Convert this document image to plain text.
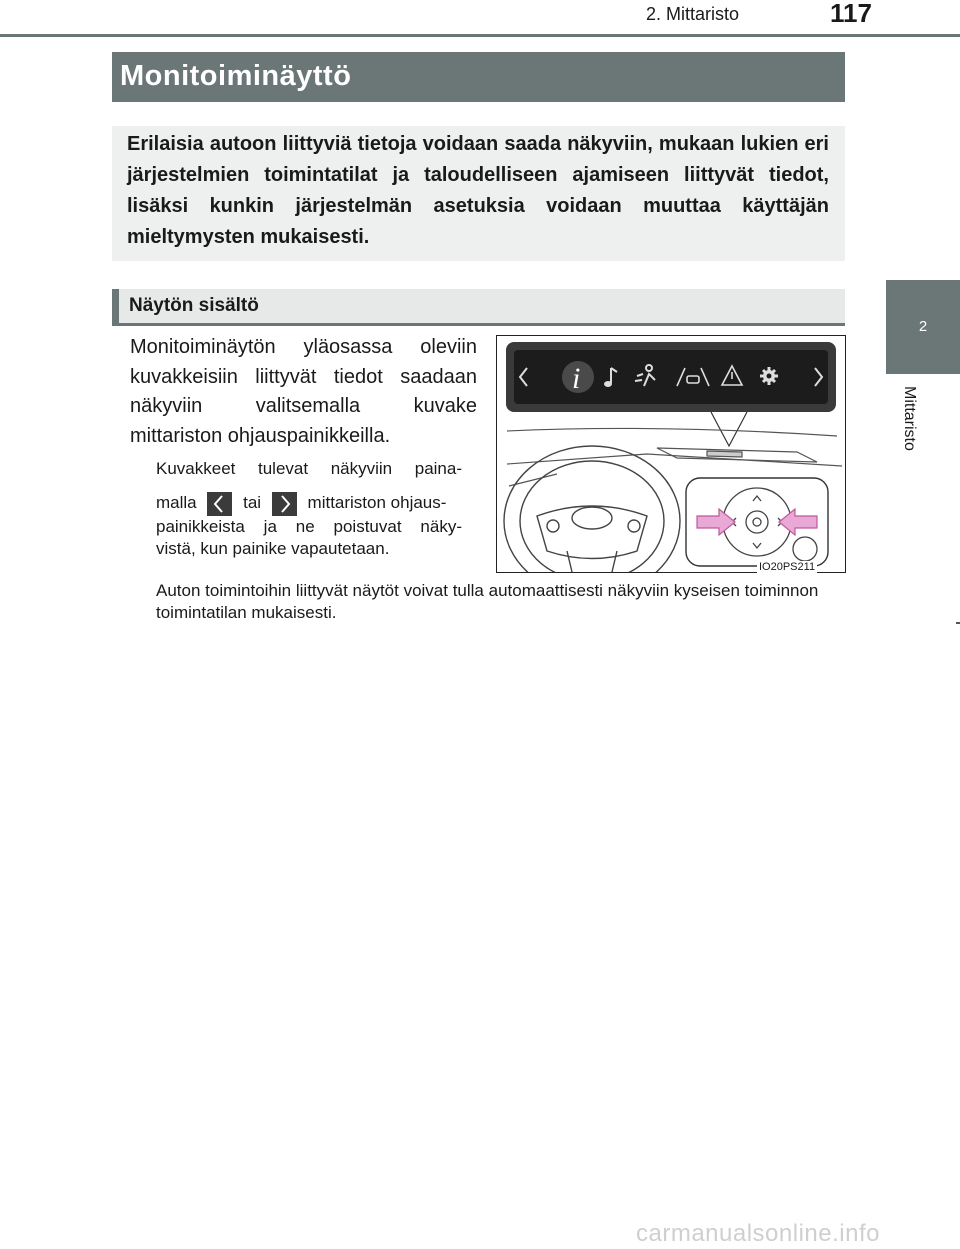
2. Mittaristo	117
2
Mittaristo
Monitoiminäyttö

Erilaisia autoon liittyviä tietoja voidaan saada näkyviin, mukaan lukien eri järjestelmien toimintatilat ja taloudelliseen ajamiseen liittyvät tiedot, lisäksi kunkin järjestelmän asetuksia voidaan muuttaa käyttäjän mieltymysten mukaisesti.

Näytön sisältö

Monitoiminäytön yläosassa oleviin kuvakkeisiin liittyvät tiedot saadaan näkyviin valitsemalla kuvake mittariston ohjauspainikkeilla.

Kuvakkeet tulevat näkyviin paina-
malla	tai	mittariston ohjaus-
painikkeista ja ne poistuvat näky-
vistä, kun painike vapautetaan.

Auton toimintoihin liittyvät näytöt voivat tulla automaattisesti näkyviin kyseisen toiminnon toimintatilan mukaisesti.

i
IO20PS211
carmanualsonline.info
